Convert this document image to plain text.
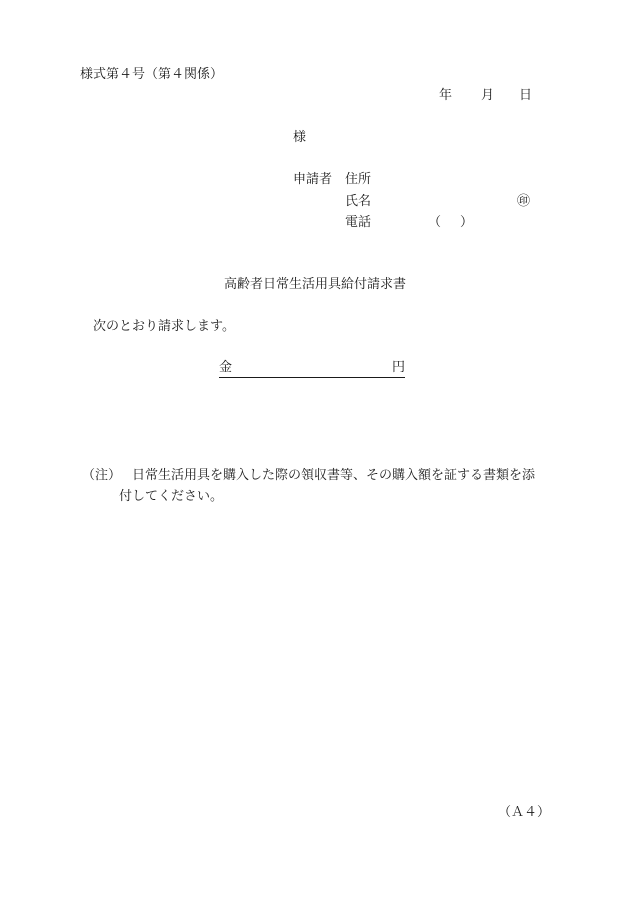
様式第４号（第４関係）
年 月 日
様
申請者 住所
氏名	㊞
電話	（ ）
高齢者日常生活用具給付請求書
次のとおり請求します。
金	円
（注） 日常生活用具を購入した際の領収書等、その購入額を証する書類を添
付してください。
（Ａ４）
